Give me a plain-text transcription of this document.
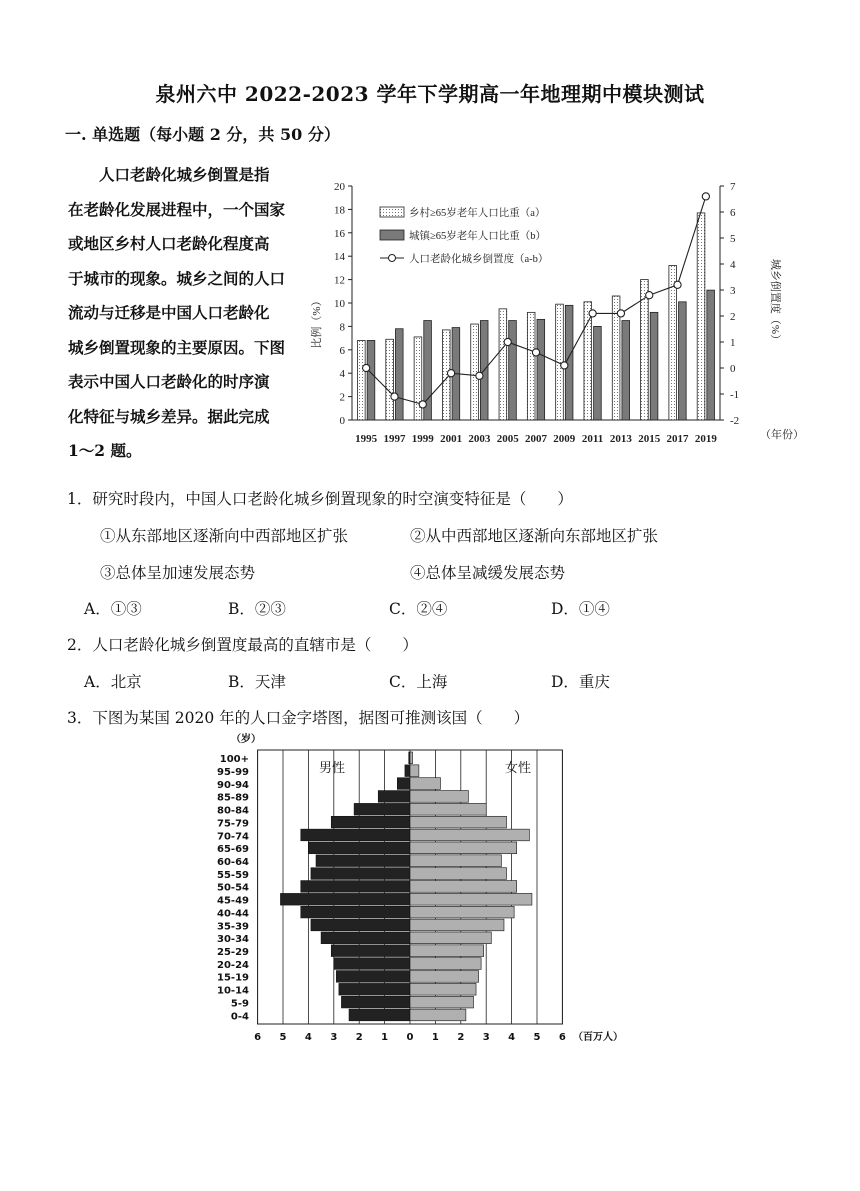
泉州六中 2022-2023 学年下学期高一年地理期中模块测试
一. 单选题（每小题 2 分，共 50 分）
　　人口老龄化城乡倒置是指
在老龄化发展进程中，一个国家
或地区乡村人口老龄化程度高
于城市的现象。城乡之间的人口
流动与迁移是中国人口老龄化
城乡倒置现象的主要原因。下图
表示中国人口老龄化的时序演
化特征与城乡差异。据此完成
1～2 题。
0
2
4
6
8
10
12
14
16
18
20
-2
-1
0
1
2
3
4
5
6
7
1995 1997 1999 2001 2003 2005 2007 2009 2011 2013 2015 2017 2019
乡村≥65岁老年人口比重（a）
城镇≥65岁老年人口比重（b）
人口老龄化城乡倒置度（a-b）
比例（%）	城乡倒置度（%）
（年份）
1．研究时段内，中国人口老龄化城乡倒置现象的时空演变特征是（　　）
①从东部地区逐渐向中西部地区扩张	②从中西部地区逐渐向东部地区扩张
③总体呈加速发展态势	④总体呈减缓发展态势
A．①③	B．②③	C．②④	D．①④
2．人口老龄化城乡倒置度最高的直辖市是（　　）
A．北京	B．天津	C．上海	D．重庆
3．下图为某国 2020 年的人口金字塔图，据图可推测该国（　　）
6 5 4 3 2 1 0 1 2 3 4 5 6
100+
95-99
90-94
85-89
80-84
75-79
70-74
65-69
60-64
55-59
50-54
45-49
40-44
35-39
30-34
25-29
20-24
15-19
10-14
5-9
0-4
（岁）
男性	女性
（百万人）
